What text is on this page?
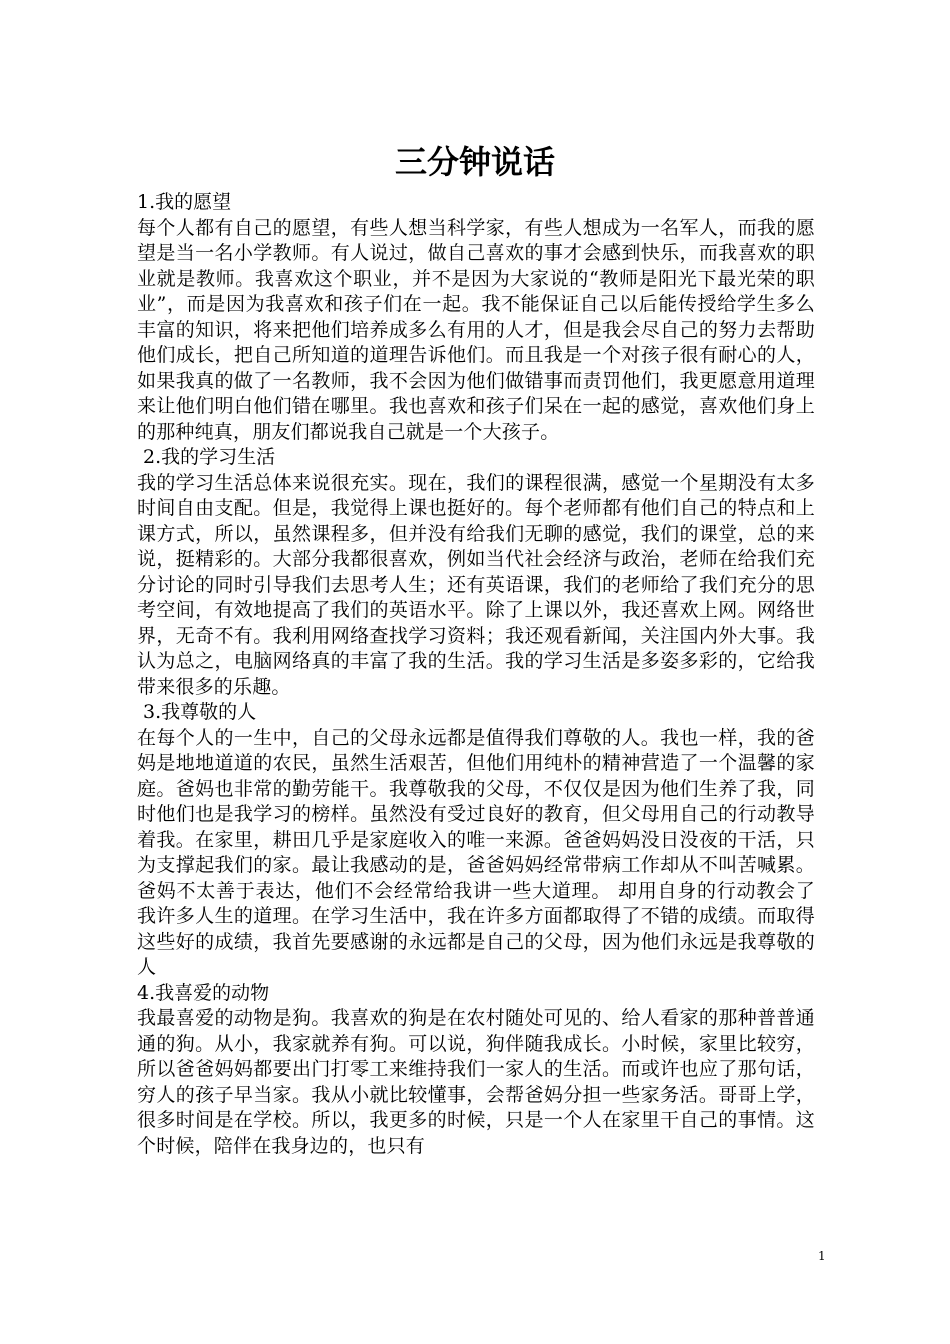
三分钟说话
1.我的愿望
每个人都有自己的愿望，有些人想当科学家，有些人想成为一名军人，而我的愿望是当一名小学教师。有人说过，做自己喜欢的事才会感到快乐，而我喜欢的职业就是教师。我喜欢这个职业，并不是因为大家说的“教师是阳光下最光荣的职业”，而是因为我喜欢和孩子们在一起。我不能保证自己以后能传授给学生多么丰富的知识，将来把他们培养成多么有用的人才，但是我会尽自己的努力去帮助他们成长，把自己所知道的道理告诉他们。而且我是一个对孩子很有耐心的人，如果我真的做了一名教师，我不会因为他们做错事而责罚他们，我更愿意用道理来让他们明白他们错在哪里。我也喜欢和孩子们呆在一起的感觉，喜欢他们身上的那种纯真，朋友们都说我自己就是一个大孩子。
2.我的学习生活
我的学习生活总体来说很充实。现在，我们的课程很满，感觉一个星期没有太多时间自由支配。但是，我觉得上课也挺好的。每个老师都有他们自己的特点和上课方式，所以，虽然课程多，但并没有给我们无聊的感觉，我们的课堂，总的来说，挺精彩的。大部分我都很喜欢，例如当代社会经济与政治，老师在给我们充分讨论的同时引导我们去思考人生；还有英语课，我们的老师给了我们充分的思考空间，有效地提高了我们的英语水平。除了上课以外，我还喜欢上网。网络世界，无奇不有。我利用网络查找学习资料；我还观看新闻，关注国内外大事。我认为总之，电脑网络真的丰富了我的生活。我的学习生活是多姿多彩的，它给我带来很多的乐趣。
3.我尊敬的人
在每个人的一生中，自己的父母永远都是值得我们尊敬的人。我也一样，我的爸妈是地地道道的农民，虽然生活艰苦，但他们用纯朴的精神营造了一个温馨的家庭。爸妈也非常的勤劳能干。我尊敬我的父母，不仅仅是因为他们生养了我，同时他们也是我学习的榜样。虽然没有受过良好的教育，但父母用自己的行动教导着我。在家里，耕田几乎是家庭收入的唯一来源。爸爸妈妈没日没夜的干活，只为支撑起我们的家。最让我感动的是，爸爸妈妈经常带病工作却从不叫苦喊累。爸妈不太善于表达，他们不会经常给我讲一些大道理。 却用自身的行动教会了我许多人生的道理。在学习生活中，我在许多方面都取得了不错的成绩。而取得这些好的成绩，我首先要感谢的永远都是自己的父母，因为他们永远是我尊敬的人
4.我喜爱的动物
我最喜爱的动物是狗。我喜欢的狗是在农村随处可见的、给人看家的那种普普通通的狗。从小，我家就养有狗。可以说，狗伴随我成长。小时候，家里比较穷，所以爸爸妈妈都要出门打零工来维持我们一家人的生活。而或许也应了那句话，穷人的孩子早当家。我从小就比较懂事，会帮爸妈分担一些家务活。哥哥上学，很多时间是在学校。所以，我更多的时候，只是一个人在家里干自己的事情。这个时候，陪伴在我身边的，也只有
1
